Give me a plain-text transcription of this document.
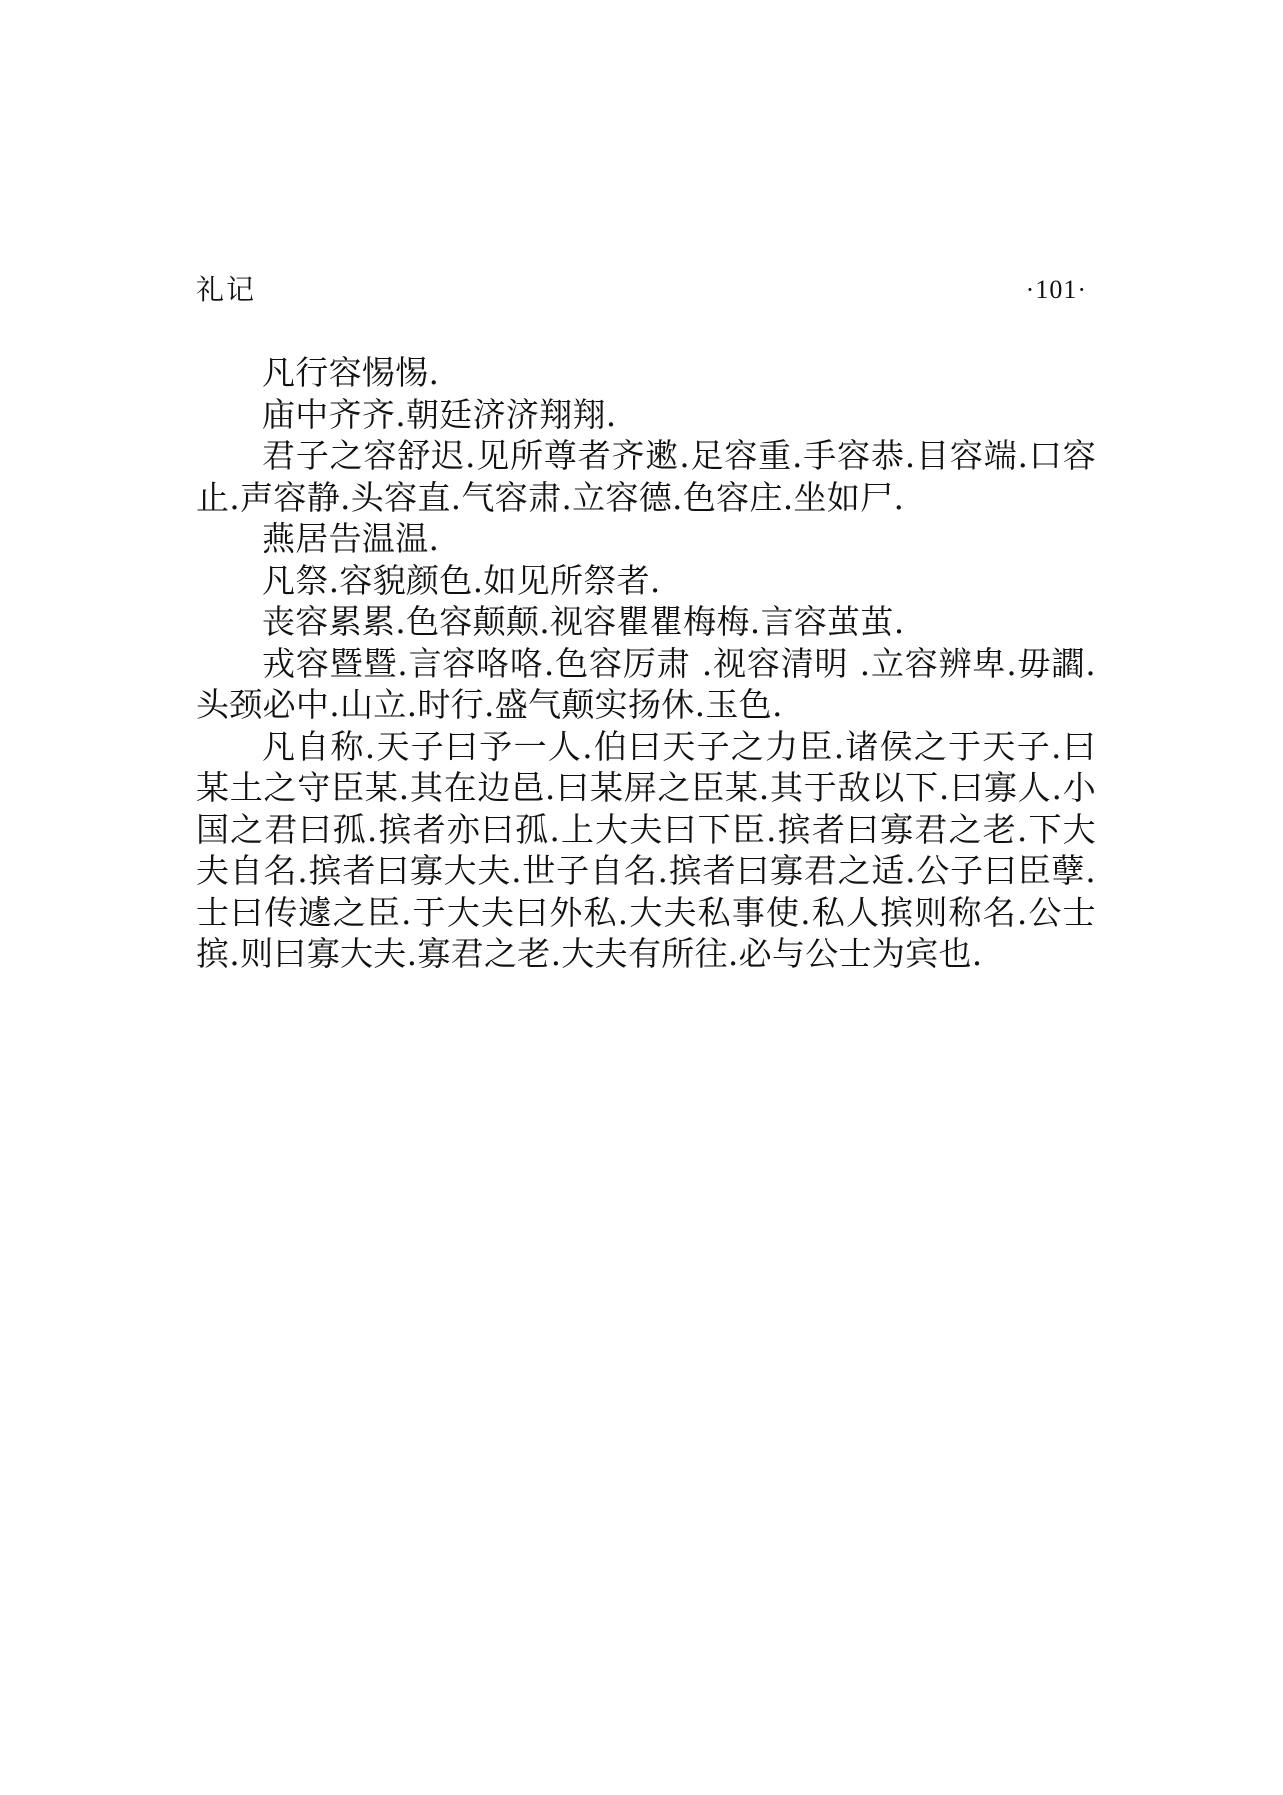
礼记	·101·

凡行容惕惕.

庙中齐齐.朝廷济济翔翔.

君子之容舒迟.见所尊者齐遬.足容重.手容恭.目容端.口容止.声容静.头容直.气容肃.立容德.色容庄.坐如尸.

燕居告温温.

凡祭.容貌颜色.如见所祭者.

丧容累累.色容颠颠.视容瞿瞿梅梅.言容茧茧.

戎容暨暨.言容咯咯.色容厉肃 .视容清明 .立容辨卑.毋讇.头颈必中.山立.时行.盛气颠实扬休.玉色.

凡自称.天子曰予一人.伯曰天子之力臣.诸侯之于天子.曰某土之守臣某.其在边邑.曰某屏之臣某.其于敌以下.曰寡人.小国之君曰孤.摈者亦曰孤.上大夫曰下臣.摈者曰寡君之老.下大夫自名.摈者曰寡大夫.世子自名.摈者曰寡君之适.公子曰臣孽.士曰传遽之臣.于大夫曰外私.大夫私事使.私人摈则称名.公士摈.则曰寡大夫.寡君之老.大夫有所往.必与公士为宾也.
